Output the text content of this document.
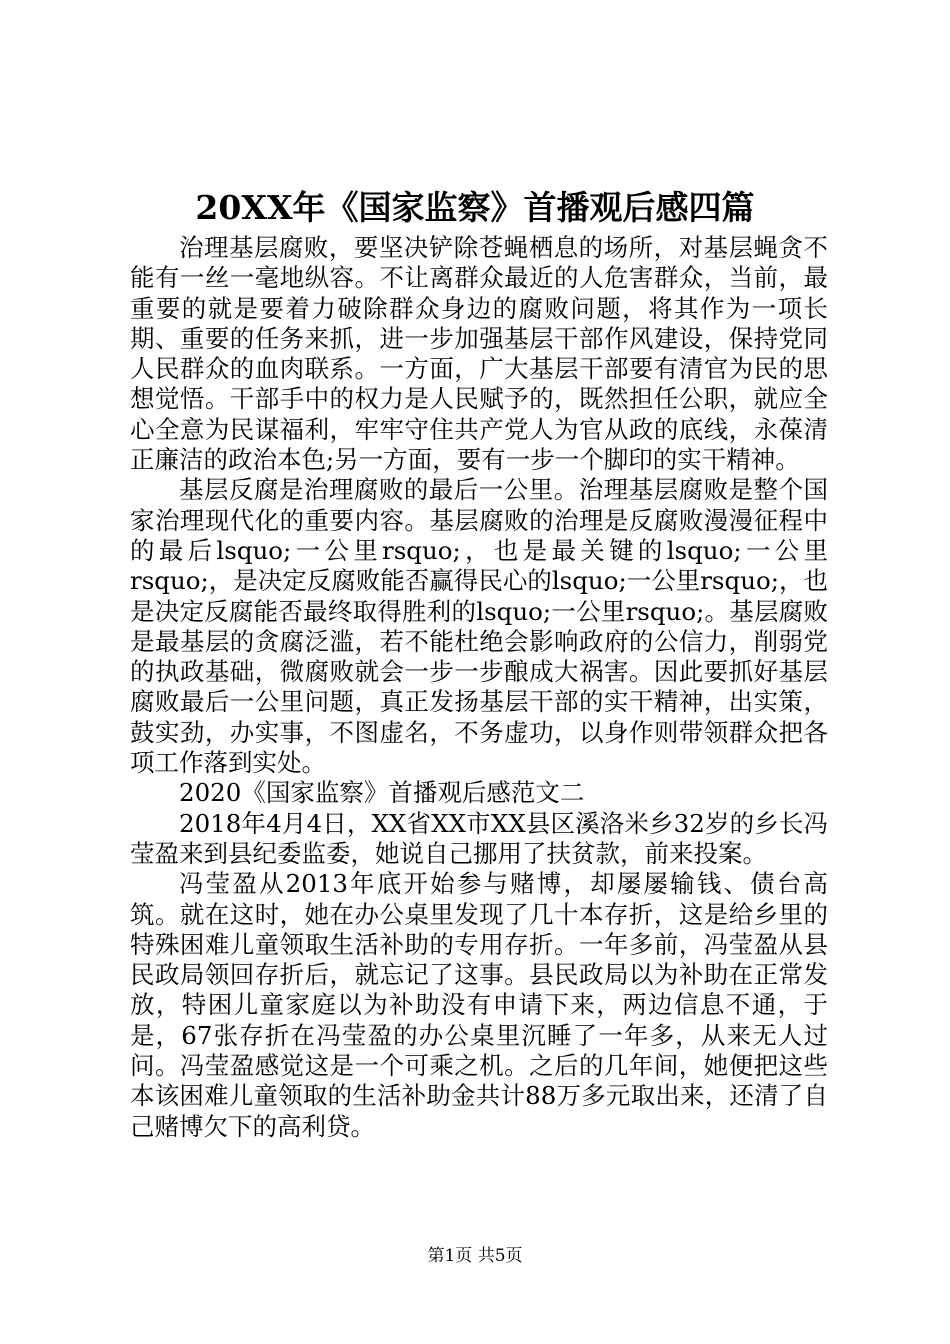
20XX年《国家监察》首播观后感四篇

治理基层腐败，要坚决铲除苍蝇栖息的场所，对基层蝇贪不能有一丝一毫地纵容。不让离群众最近的人危害群众，当前，最重要的就是要着力破除群众身边的腐败问题，将其作为一项长期、重要的任务来抓，进一步加强基层干部作风建设，保持党同人民群众的血肉联系。一方面，广大基层干部要有清官为民的思想觉悟。干部手中的权力是人民赋予的，既然担任公职，就应全心全意为民谋福利，牢牢守住共产党人为官从政的底线，永葆清正廉洁的政治本色;另一方面，要有一步一个脚印的实干精神。

基层反腐是治理腐败的最后一公里。治理基层腐败是整个国家治理现代化的重要内容。基层腐败的治理是反腐败漫漫征程中的最后lsquo;一公里rsquo;，也是最关键的lsquo;一公里rsquo;，是决定反腐败能否赢得民心的lsquo;一公里rsquo;，也是决定反腐能否最终取得胜利的lsquo;一公里rsquo;。基层腐败是最基层的贪腐泛滥，若不能杜绝会影响政府的公信力，削弱党的执政基础，微腐败就会一步一步酿成大祸害。因此要抓好基层腐败最后一公里问题，真正发扬基层干部的实干精神，出实策，鼓实劲，办实事，不图虚名，不务虚功，以身作则带领群众把各项工作落到实处。

2020《国家监察》首播观后感范文二

2018年4月4日，XX省XX市XX县区溪洛米乡32岁的乡长冯莹盈来到县纪委监委，她说自己挪用了扶贫款，前来投案。

冯莹盈从2013年底开始参与赌博，却屡屡输钱、债台高筑。就在这时，她在办公桌里发现了几十本存折，这是给乡里的特殊困难儿童领取生活补助的专用存折。一年多前，冯莹盈从县民政局领回存折后，就忘记了这事。县民政局以为补助在正常发放，特困儿童家庭以为补助没有申请下来，两边信息不通，于是，67张存折在冯莹盈的办公桌里沉睡了一年多，从来无人过问。冯莹盈感觉这是一个可乘之机。之后的几年间，她便把这些本该困难儿童领取的生活补助金共计88万多元取出来，还清了自己赌博欠下的高利贷。

第1页 共5页
